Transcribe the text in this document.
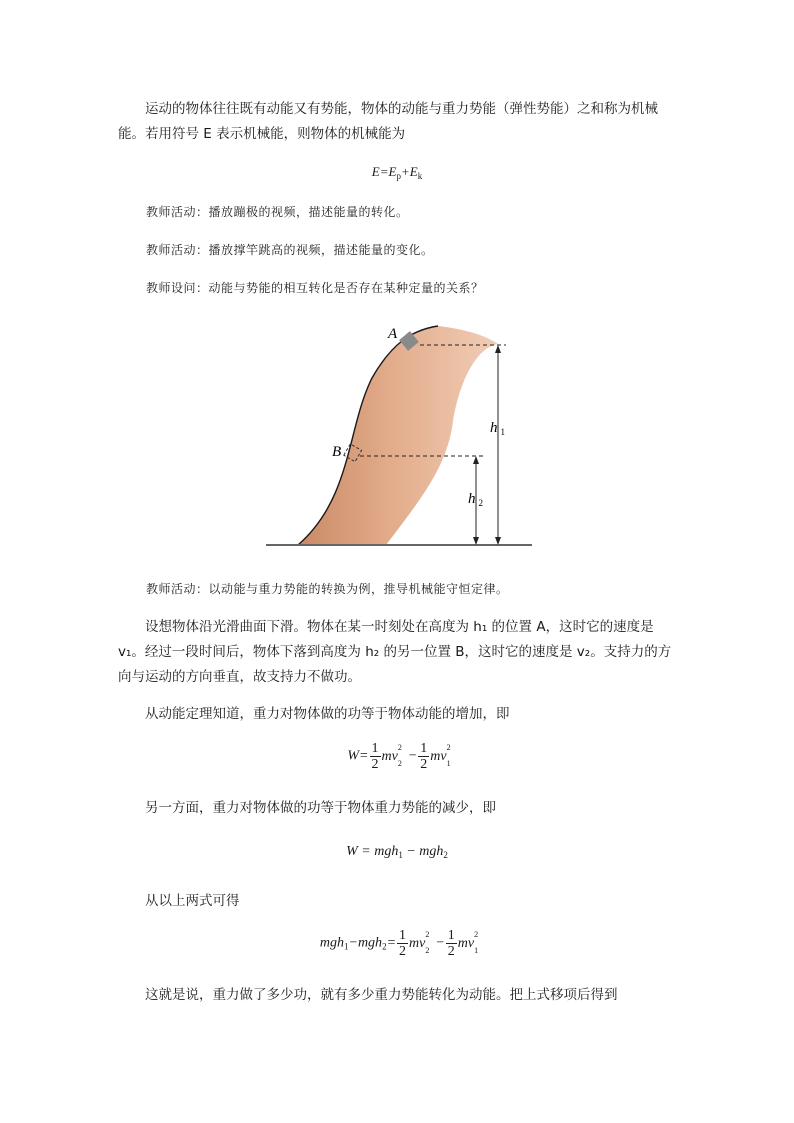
运动的物体往往既有动能又有势能，物体的动能与重力势能（弹性势能）之和称为机械能。若用符号 E 表示机械能，则物体的机械能为

$E=E_p+E_k$

教师活动：播放蹦极的视频，描述能量的转化。

教师活动：播放撑竿跳高的视频，描述能量的变化。

教师设问：动能与势能的相互转化是否存在某种定量的关系？

A
B
h $_1$
h $_2$

教师活动：以动能与重力势能的转换为例，推导机械能守恒定律。

设想物体沿光滑曲面下滑。物体在某一时刻处在高度为 h₁ 的位置 A，这时它的速度是 v₁。经过一段时间后，物体下落到高度为 h₂ 的另一位置 B，这时它的速度是 v₂。支持力的方向与运动的方向垂直，故支持力不做功。

从动能定理知道，重力对物体做的功等于物体动能的增加，即

$W= \frac{1}{2}$ mv
2
$2 - \frac{1}{2}$ mv
2
1

另一方面，重力对物体做的功等于物体重力势能的减少，即

W = mgh$_1$ − mgh$_2$

从以上两式可得

$mgh_1-mgh_2= \frac{1}{2}$ mv
2
$2 - \frac{1}{2}$ mv
2
1

这就是说，重力做了多少功，就有多少重力势能转化为动能。把上式移项后得到
